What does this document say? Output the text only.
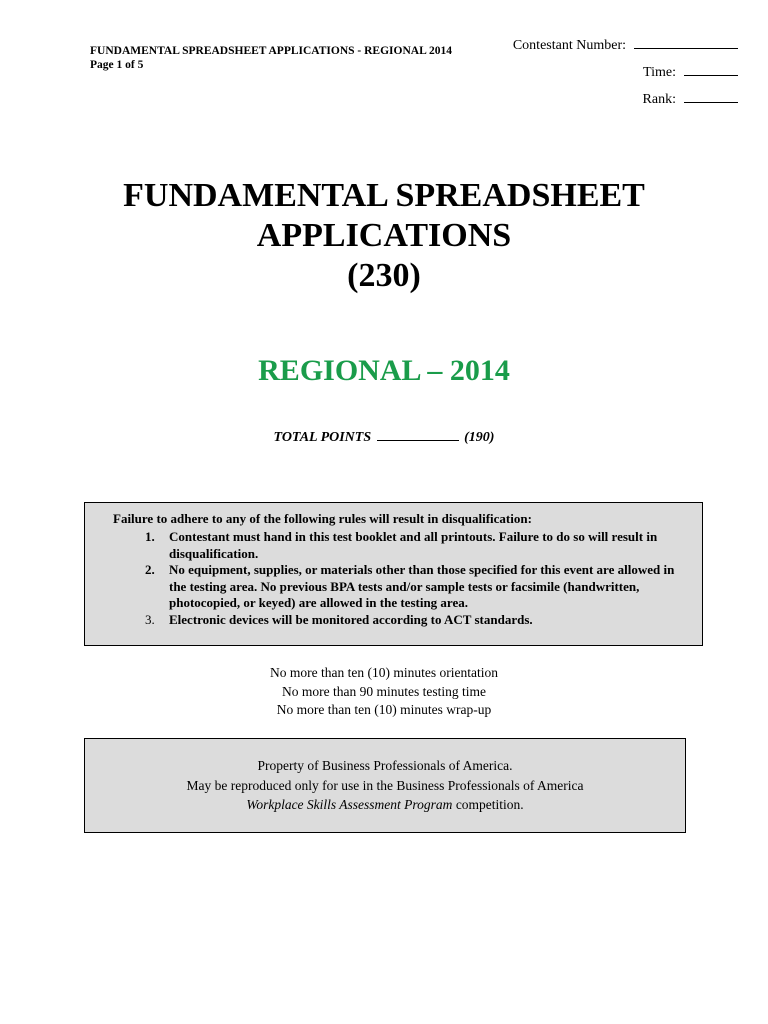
FUNDAMENTAL SPREADSHEET APPLICATIONS - REGIONAL 2014
Page 1 of 5
Contestant Number:
Time:
Rank:
FUNDAMENTAL SPREADSHEET
APPLICATIONS
(230)
REGIONAL – 2014
TOTAL POINTS	(190)
Failure to adhere to any of the following rules will result in disqualification:
1.	Contestant must hand in this test booklet and all printouts. Failure to do so will result in disqualification.
2.	No equipment, supplies, or materials other than those specified for this event are allowed in the testing area. No previous BPA tests and/or sample tests or facsimile (handwritten, photocopied, or keyed) are allowed in the testing area.
3.	Electronic devices will be monitored according to ACT standards.
No more than ten (10) minutes orientation
No more than 90 minutes testing time
No more than ten (10) minutes wrap-up
Property of Business Professionals of America.
May be reproduced only for use in the Business Professionals of America
Workplace Skills Assessment Program competition.
